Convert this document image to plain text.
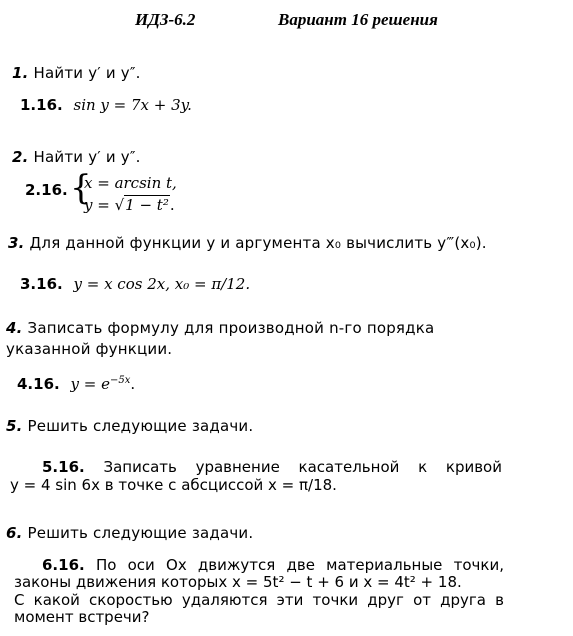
ИДЗ-6.2	Вариант 16 решения
1. Найти y′ и y″.
1.16. sin y = 7x + 3y.
2. Найти y′ и y″.
2.16. {
x = arcsin t,
y = √1 − t².
3. Для данной функции y и аргумента x₀ вычислить y‴(x₀).
3.16. y = x cos 2x, x₀ = π/12.
4. Записать формулу для производной n-го порядка
указанной функции.
4.16. $y = e^{-5x}$.
5. Решить следующие задачи.
5.16. Записать уравнение касательной к кривой
y = 4 sin 6x в точке с абсциссой x = π/18.
6. Решить следующие задачи.
6.16. По оси Ox движутся две материальные точки,
законы движения которых x = 5t² − t + 6 и x = 4t² + 18.
С какой скоростью удаляются эти точки друг от друга в
момент встречи?
